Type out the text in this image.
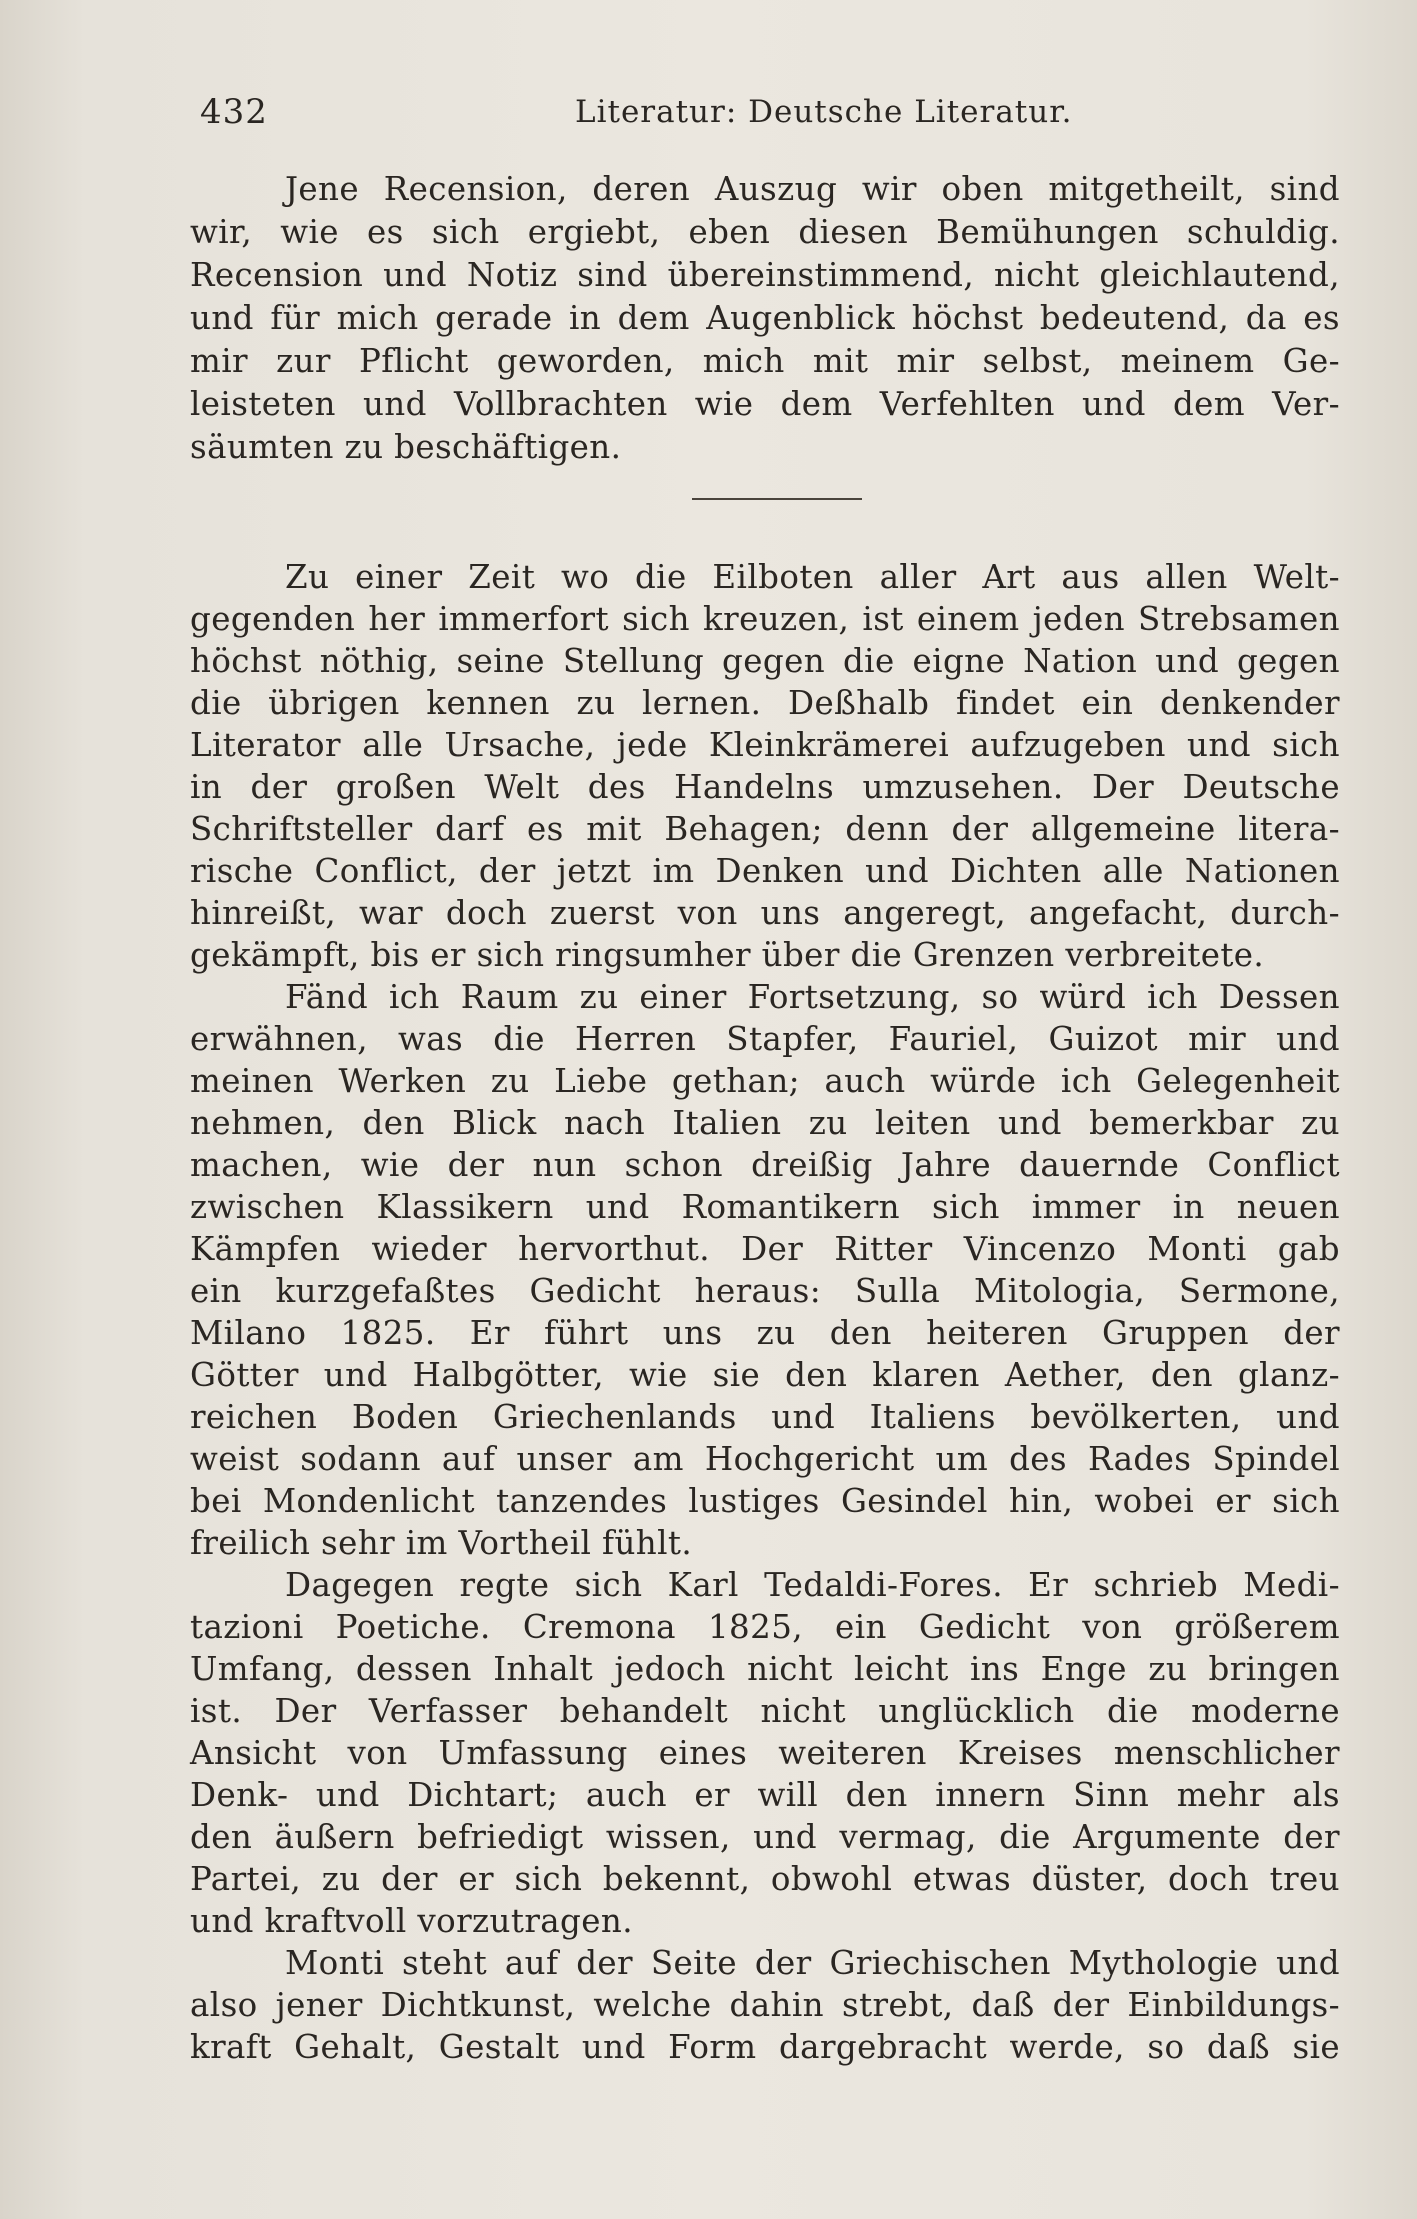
432	Literatur: Deutsche Literatur.
Jene Recension, deren Auszug wir oben mitgetheilt, sind
wir, wie es sich ergiebt, eben diesen Bemühungen schuldig.
Recension und Notiz sind übereinstimmend, nicht gleichlautend,
und für mich gerade in dem Augenblick höchst bedeutend, da es
mir zur Pflicht geworden, mich mit mir selbst, meinem Ge-
leisteten und Vollbrachten wie dem Verfehlten und dem Ver-
säumten zu beschäftigen.
Zu einer Zeit wo die Eilboten aller Art aus allen Welt-
gegenden her immerfort sich kreuzen, ist einem jeden Strebsamen
höchst nöthig, seine Stellung gegen die eigne Nation und gegen
die übrigen kennen zu lernen. Deßhalb findet ein denkender
Literator alle Ursache, jede Kleinkrämerei aufzugeben und sich
in der großen Welt des Handelns umzusehen. Der Deutsche
Schriftsteller darf es mit Behagen; denn der allgemeine litera-
rische Conflict, der jetzt im Denken und Dichten alle Nationen
hinreißt, war doch zuerst von uns angeregt, angefacht, durch-
gekämpft, bis er sich ringsumher über die Grenzen verbreitete.
Fänd ich Raum zu einer Fortsetzung, so würd ich Dessen
erwähnen, was die Herren Stapfer, Fauriel, Guizot mir und
meinen Werken zu Liebe gethan; auch würde ich Gelegenheit
nehmen, den Blick nach Italien zu leiten und bemerkbar zu
machen, wie der nun schon dreißig Jahre dauernde Conflict
zwischen Klassikern und Romantikern sich immer in neuen
Kämpfen wieder hervorthut. Der Ritter Vincenzo Monti gab
ein kurzgefaßtes Gedicht heraus: Sulla Mitologia, Sermone,
Milano 1825. Er führt uns zu den heiteren Gruppen der
Götter und Halbgötter, wie sie den klaren Aether, den glanz-
reichen Boden Griechenlands und Italiens bevölkerten, und
weist sodann auf unser am Hochgericht um des Rades Spindel
bei Mondenlicht tanzendes lustiges Gesindel hin, wobei er sich
freilich sehr im Vortheil fühlt.
Dagegen regte sich Karl Tedaldi-Fores. Er schrieb Medi-
tazioni Poetiche. Cremona 1825, ein Gedicht von größerem
Umfang, dessen Inhalt jedoch nicht leicht ins Enge zu bringen
ist. Der Verfasser behandelt nicht unglücklich die moderne
Ansicht von Umfassung eines weiteren Kreises menschlicher
Denk- und Dichtart; auch er will den innern Sinn mehr als
den äußern befriedigt wissen, und vermag, die Argumente der
Partei, zu der er sich bekennt, obwohl etwas düster, doch treu
und kraftvoll vorzutragen.
Monti steht auf der Seite der Griechischen Mythologie und
also jener Dichtkunst, welche dahin strebt, daß der Einbildungs-
kraft Gehalt, Gestalt und Form dargebracht werde, so daß sie
